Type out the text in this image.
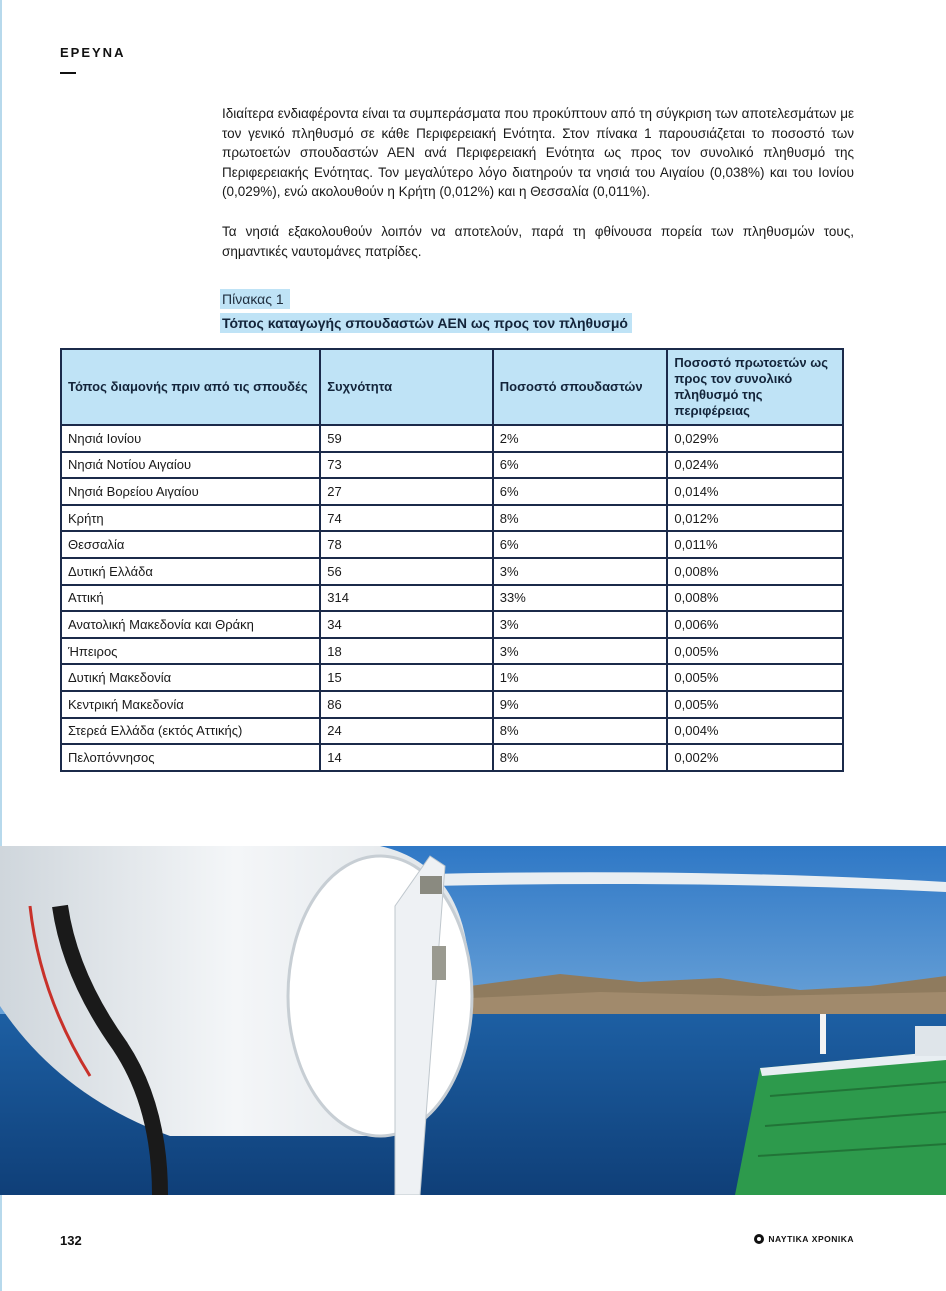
ΕΡΕΥΝΑ

Ιδιαίτερα ενδιαφέροντα είναι τα συμπεράσματα που προκύπτουν από τη σύγκριση των αποτελεσμάτων με τον γενικό πληθυσμό σε κάθε Περιφερειακή Ενότητα. Στον πίνακα 1 παρουσιάζεται το ποσοστό των πρωτοετών σπουδαστών ΑΕΝ ανά Περιφερειακή Ενότητα ως προς τον συνολικό πληθυσμό της Περιφερειακής Ενότητας. Τον μεγαλύτερο λόγο διατηρούν τα νησιά του Αιγαίου (0,038%) και του Ιονίου (0,029%), ενώ ακολουθούν η Κρήτη (0,012%) και η Θεσσαλία (0,011%).

Τα νησιά εξακολουθούν λοιπόν να αποτελούν, παρά τη φθίνουσα πορεία των πληθυσμών τους, σημαντικές ναυτομάνες πατρίδες.

Πίνακας 1
Τόπος καταγωγής σπουδαστών ΑΕΝ ως προς τον πληθυσμό
Τόπος διαμονής πριν από τις σπουδές	Συχνότητα	Ποσοστό σπουδαστών	Ποσοστό πρωτοετών ως προς τον συνολικό πληθυσμό της περιφέρειας
Νησιά Ιονίου	59	2%	0,029%
Νησιά Νοτίου Αιγαίου	73	6%	0,024%
Νησιά Βορείου Αιγαίου	27	6%	0,014%
Κρήτη	74	8%	0,012%
Θεσσαλία	78	6%	0,011%
Δυτική Ελλάδα	56	3%	0,008%
Αττική	314	33%	0,008%
Ανατολική Μακεδονία και Θράκη	34	3%	0,006%
Ήπειρος	18	3%	0,005%
Δυτική Μακεδονία	15	1%	0,005%
Κεντρική Μακεδονία	86	9%	0,005%
Στερεά Ελλάδα (εκτός Αττικής)	24	8%	0,004%
Πελοπόννησος	14	8%	0,002%
132	ΝΑΥΤΙΚΑ ΧΡΟΝΙΚΑ
